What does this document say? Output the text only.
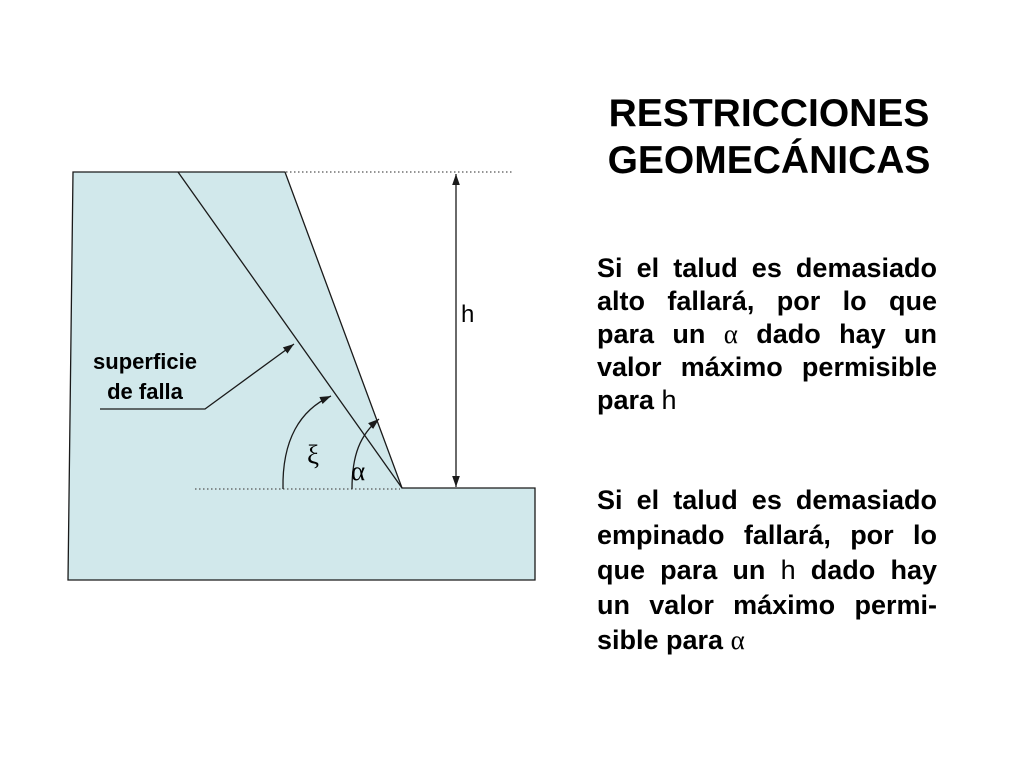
superficie
de falla
h
ξ
α
RESTRICCIONES
GEOMECÁNICAS
Si el talud es demasiado
alto fallará, por lo que
para un α dado hay un
valor máximo permisible
para h
Si el talud es demasiado
empinado fallará, por lo
que para un h dado hay
un valor máximo permi-
sible para α
